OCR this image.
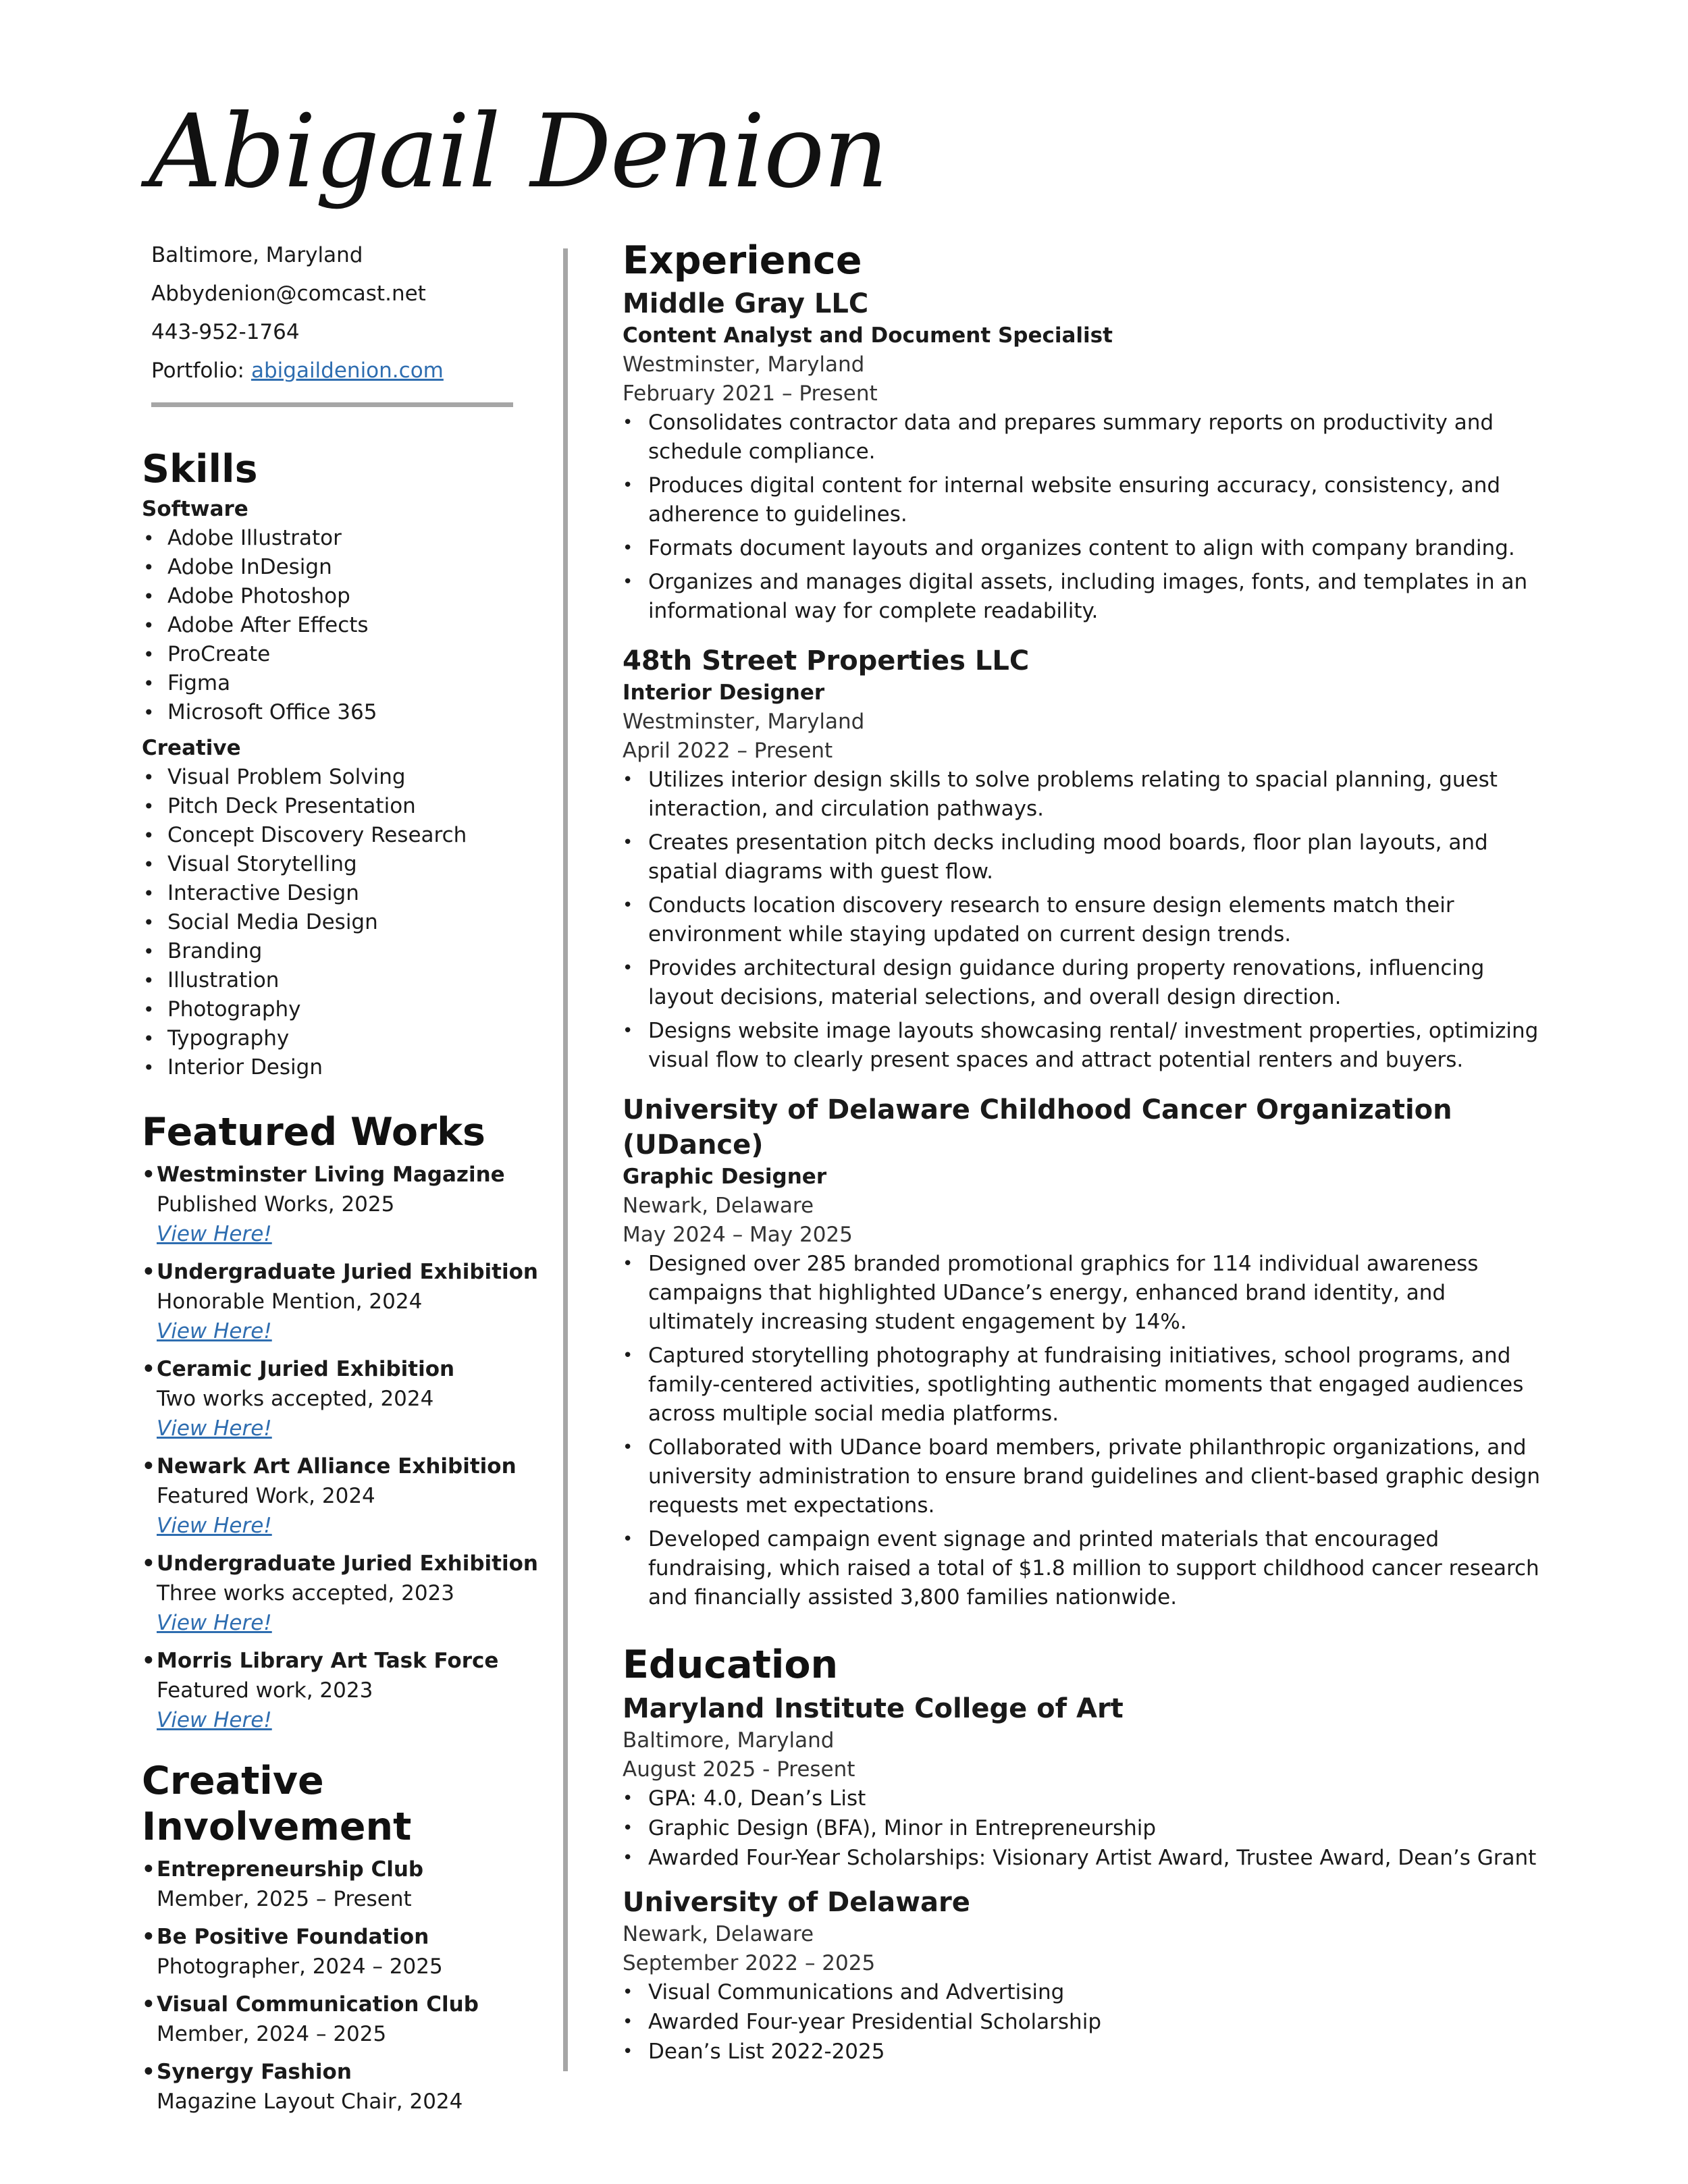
Abigail Denion
Baltimore, Maryland
Abbydenion@comcast.net
443-952-1764
Portfolio: abigaildenion.com
Skills
Software
• Adobe Illustrator
• Adobe InDesign
• Adobe Photoshop
• Adobe After Effects
• ProCreate
• Figma
• Microsoft Office 365
Creative
• Visual Problem Solving
• Pitch Deck Presentation
• Concept Discovery Research
• Visual Storytelling
• Interactive Design
• Social Media Design
• Branding
• Illustration
• Photography
• Typography
• Interior Design
Featured Works
• Westminster Living Magazine
Published Works, 2025
View Here!
• Undergraduate Juried Exhibition
Honorable Mention, 2024
View Here!
• Ceramic Juried Exhibition
Two works accepted, 2024
View Here!
• Newark Art Alliance Exhibition
Featured Work, 2024
View Here!
• Undergraduate Juried Exhibition
Three works accepted, 2023
View Here!
• Morris Library Art Task Force
Featured work, 2023
View Here!
Creative Involvement
• Entrepreneurship Club
Member, 2025 – Present
• Be Positive Foundation
Photographer, 2024 – 2025
• Visual Communication Club
Member, 2024 – 2025
• Synergy Fashion
Magazine Layout Chair, 2024
Experience
Middle Gray LLC
Content Analyst and Document Specialist
Westminster, Maryland
February 2021 – Present
• Consolidates contractor data and prepares summary reports on productivity and schedule compliance.
• Produces digital content for internal website ensuring accuracy, consistency, and adherence to guidelines.
• Formats document layouts and organizes content to align with company branding.
• Organizes and manages digital assets, including images, fonts, and templates in an informational way for complete readability.
48th Street Properties LLC
Interior Designer
Westminster, Maryland
April 2022 – Present
• Utilizes interior design skills to solve problems relating to spacial planning, guest interaction, and circulation pathways.
• Creates presentation pitch decks including mood boards, floor plan layouts, and spatial diagrams with guest flow.
• Conducts location discovery research to ensure design elements match their environment while staying updated on current design trends.
• Provides architectural design guidance during property renovations, influencing layout decisions, material selections, and overall design direction.
• Designs website image layouts showcasing rental/ investment properties, optimizing visual flow to clearly present spaces and attract potential renters and buyers.
University of Delaware Childhood Cancer Organization (UDance)
Graphic Designer
Newark, Delaware
May 2024 – May 2025
• Designed over 285 branded promotional graphics for 114 individual awareness campaigns that highlighted UDance’s energy, enhanced brand identity, and ultimately increasing student engagement by 14%.
• Captured storytelling photography at fundraising initiatives, school programs, and family-centered activities, spotlighting authentic moments that engaged audiences across multiple social media platforms.
• Collaborated with UDance board members, private philanthropic organizations, and university administration to ensure brand guidelines and client-based graphic design requests met expectations.
• Developed campaign event signage and printed materials that encouraged fundraising, which raised a total of $1.8 million to support childhood cancer research and financially assisted 3,800 families nationwide.
Education
Maryland Institute College of Art
Baltimore, Maryland
August 2025 - Present
• GPA: 4.0, Dean’s List
• Graphic Design (BFA), Minor in Entrepreneurship
• Awarded Four-Year Scholarships: Visionary Artist Award, Trustee Award, Dean’s Grant
University of Delaware
Newark, Delaware
September 2022 – 2025
• Visual Communications and Advertising
• Awarded Four-year Presidential Scholarship
• Dean’s List 2022-2025
